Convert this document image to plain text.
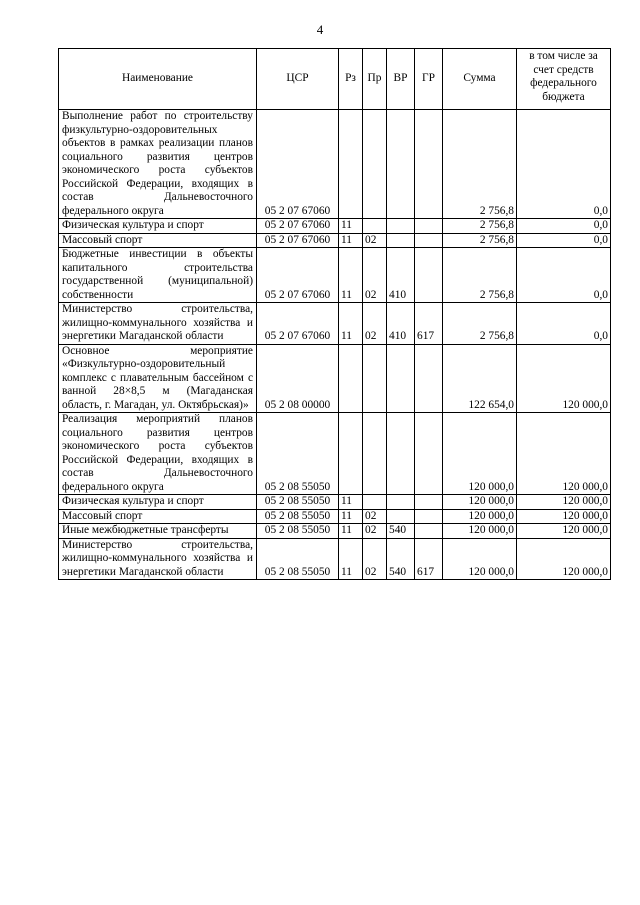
4
Наименование	ЦСР	Рз	Пр	ВР	ГР	Сумма	в том числе за счет средств федерального бюджета
Выполнение работ по строительству физкультурно-оздоровительных объектов в рамках реализации планов социального развития центров экономического роста субъектов Российской Федерации, входящих в состав Дальневосточного федерального округа	05 2 07 67060					2 756,8	0,0
Физическая культура и спорт	05 2 07 67060	11				2 756,8	0,0
Массовый спорт	05 2 07 67060	11	02			2 756,8	0,0
Бюджетные инвестиции в объекты капитального строительства государственной (муниципальной) собственности	05 2 07 67060	11	02	410		2 756,8	0,0
Министерство строительства, жилищно-коммунального хозяйства и энергетики Магаданской области	05 2 07 67060	11	02	410	617	2 756,8	0,0
Основное мероприятие «Физкультурно-оздоровительный комплекс с плавательным бассейном с ванной 28×8,5 м (Магаданская область, г. Магадан, ул. Октябрьская)»	05 2 08 00000					122 654,0	120 000,0
Реализация мероприятий планов социального развития центров экономического роста субъектов Российской Федерации, входящих в состав Дальневосточного федерального округа	05 2 08 55050					120 000,0	120 000,0
Физическая культура и спорт	05 2 08 55050	11				120 000,0	120 000,0
Массовый спорт	05 2 08 55050	11	02			120 000,0	120 000,0
Иные межбюджетные трансферты	05 2 08 55050	11	02	540		120 000,0	120 000,0
Министерство строительства, жилищно-коммунального хозяйства и энергетики Магаданской области	05 2 08 55050	11	02	540	617	120 000,0	120 000,0
